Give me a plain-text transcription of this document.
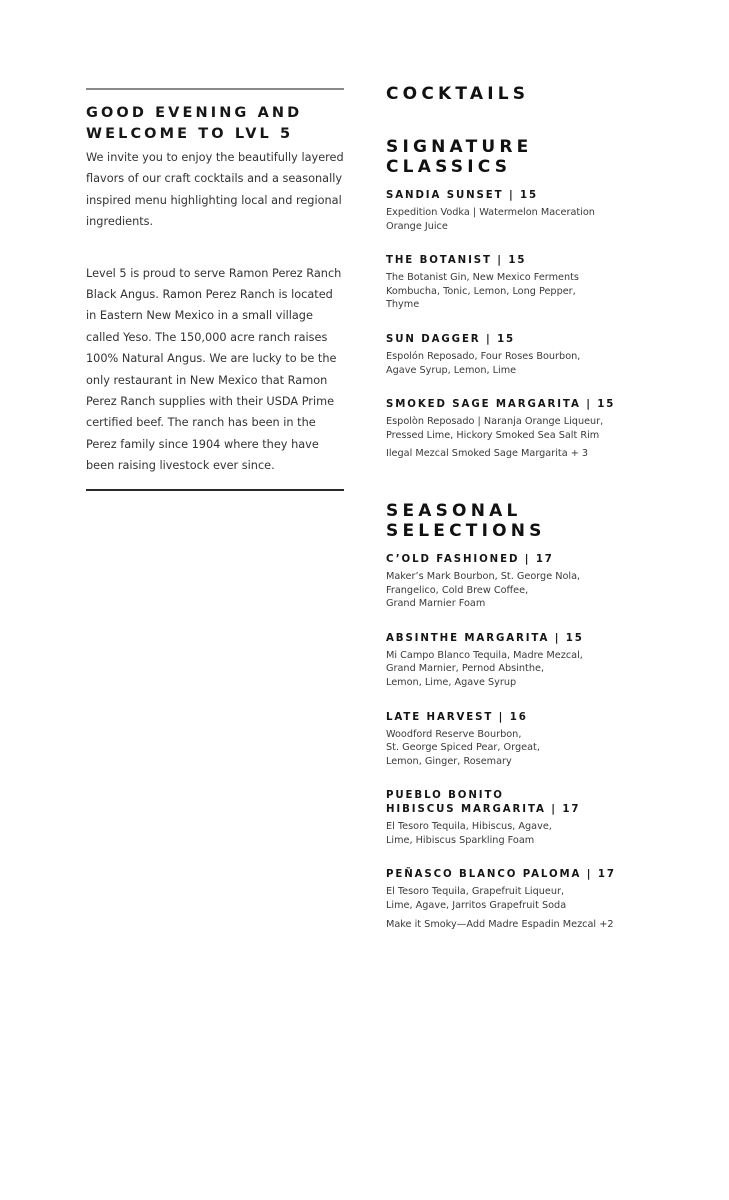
GOOD EVENING AND
WELCOME TO LVL 5

We invite you to enjoy the beautifully layered flavors of our craft cocktails and a seasonally inspired menu highlighting local and regional ingredients.

Level 5 is proud to serve Ramon Perez Ranch Black Angus. Ramon Perez Ranch is located in Eastern New Mexico in a small village called Yeso. The 150,000 acre ranch raises 100% Natural Angus. We are lucky to be the only restaurant in New Mexico that Ramon Perez Ranch supplies with their USDA Prime certified beef. The ranch has been in the Perez family since 1904 where they have been raising livestock ever since.

COCKTAILS
SIGNATURE
CLASSICS
SANDIA SUNSET | 15
Expedition Vodka | Watermelon Maceration
Orange Juice
THE BOTANIST | 15
The Botanist Gin, New Mexico Ferments
Kombucha, Tonic, Lemon, Long Pepper,
Thyme
SUN DAGGER | 15
Espolón Reposado, Four Roses Bourbon,
Agave Syrup, Lemon, Lime
SMOKED SAGE MARGARITA | 15
Espolòn Reposado | Naranja Orange Liqueur,
Pressed Lime, Hickory Smoked Sea Salt Rim
Ilegal Mezcal Smoked Sage Margarita + 3
SEASONAL
SELECTIONS
C’OLD FASHIONED | 17
Maker’s Mark Bourbon, St. George Nola,
Frangelico, Cold Brew Coffee,
Grand Marnier Foam
ABSINTHE MARGARITA | 15
Mi Campo Blanco Tequila, Madre Mezcal,
Grand Marnier, Pernod Absinthe,
Lemon, Lime, Agave Syrup
LATE HARVEST | 16
Woodford Reserve Bourbon,
St. George Spiced Pear, Orgeat,
Lemon, Ginger, Rosemary
PUEBLO BONITO
HIBISCUS MARGARITA | 17
El Tesoro Tequila, Hibiscus, Agave,
Lime, Hibiscus Sparkling Foam
PEÑASCO BLANCO PALOMA | 17
El Tesoro Tequila, Grapefruit Liqueur,
Lime, Agave, Jarritos Grapefruit Soda
Make it Smoky—Add Madre Espadin Mezcal +2
